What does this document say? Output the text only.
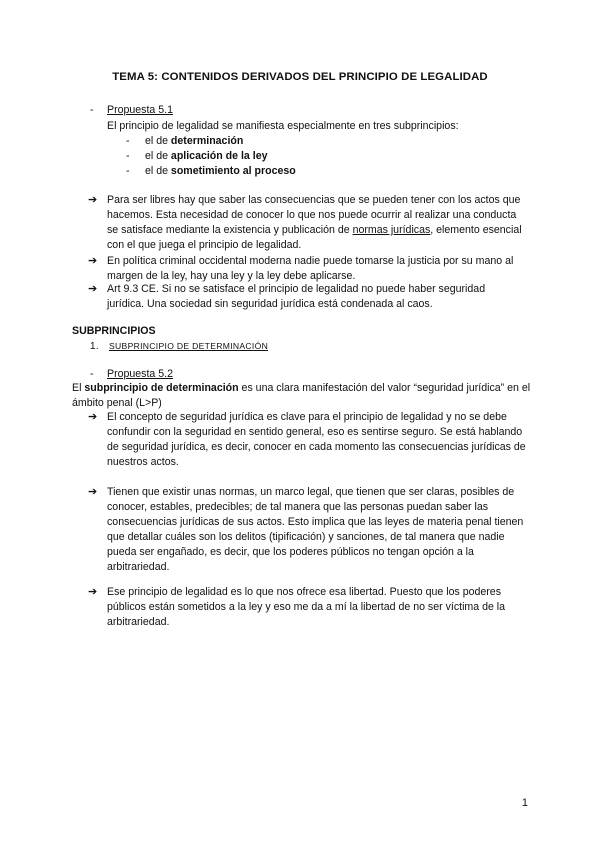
TEMA 5: CONTENIDOS DERIVADOS DEL PRINCIPIO DE LEGALIDAD
- Propuesta 5.1
El principio de legalidad se manifiesta especialmente en tres subprincipios:
- el de determinación
- el de aplicación de la ley
- el de sometimiento al proceso
➔ Para ser libres hay que saber las consecuencias que se pueden tener con los actos que hacemos. Esta necesidad de conocer lo que nos puede ocurrir al realizar una conducta se satisface mediante la existencia y publicación de normas jurídicas, elemento esencial con el que juega el principio de legalidad.
➔ En política criminal occidental moderna nadie puede tomarse la justicia por su mano al margen de la ley, hay una ley y la ley debe aplicarse.
➔ Art 9.3 CE. Si no se satisface el principio de legalidad no puede haber seguridad jurídica. Una sociedad sin seguridad jurídica está condenada al caos.
SUBPRINCIPIOS
1. SUBPRINCIPIO DE DETERMINACIÓN
- Propuesta 5.2
El subprincipio de determinación es una clara manifestación del valor “seguridad jurídica” en el ámbito penal (L>P)
➔ El concepto de seguridad jurídica es clave para el principio de legalidad y no se debe confundir con la seguridad en sentido general, eso es sentirse seguro. Se está hablando de seguridad jurídica, es decir, conocer en cada momento las consecuencias jurídicas de nuestros actos.
➔ Tienen que existir unas normas, un marco legal, que tienen que ser claras, posibles de conocer, estables, predecibles; de tal manera que las personas puedan saber las consecuencias jurídicas de sus actos. Esto implica que las leyes de materia penal tienen que detallar cuáles son los delitos (tipificación) y sanciones, de tal manera que nadie pueda ser engañado, es decir, que los poderes públicos no tengan opción a la arbitrariedad.
➔ Ese principio de legalidad es lo que nos ofrece esa libertad. Puesto que los poderes públicos están sometidos a la ley y eso me da a mí la libertad de no ser víctima de la arbitrariedad.
1
